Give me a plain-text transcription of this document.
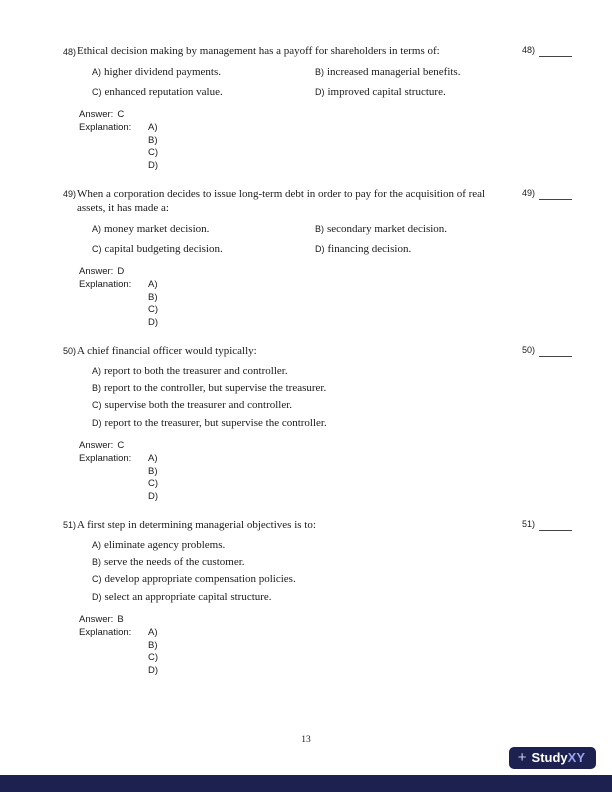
48) Ethical decision making by management has a payoff for shareholders in terms of:	48)
A) higher dividend payments.	B) increased managerial benefits.
C) enhanced reputation value.	D) improved capital structure.
Answer: C
Explanation:	A)
B)
C)
D)
49) When a corporation decides to issue long-term debt in order to pay for the acquisition of real assets, it has made a:
49)
A) money market decision.	B) secondary market decision.
C) capital budgeting decision.	D) financing decision.
Answer: D
Explanation:	A)
B)
C)
D)
50) A chief financial officer would typically:	50)
A) report to both the treasurer and controller.
B) report to the controller, but supervise the treasurer.
C) supervise both the treasurer and controller.
D) report to the treasurer, but supervise the controller.
Answer: C
Explanation:	A)
B)
C)
D)
51) A first step in determining managerial objectives is to:	51)
A) eliminate agency problems.
B) serve the needs of the customer.
C) develop appropriate compensation policies.
D) select an appropriate capital structure.
Answer: B
Explanation:	A)
B)
C)
D)
13
+ Study XY
